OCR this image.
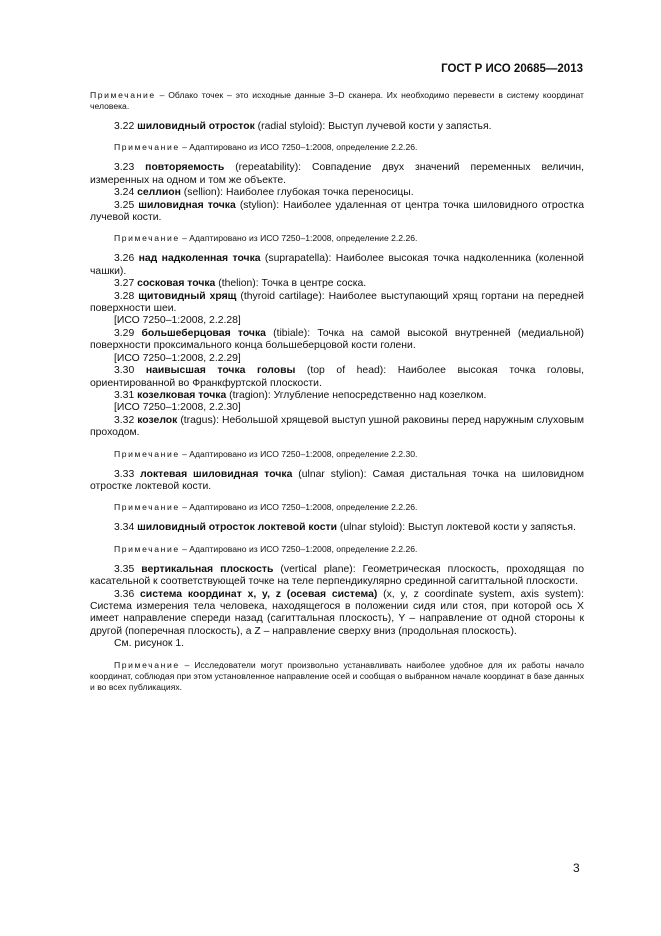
ГОСТ Р ИСО 20685—2013

Примечание – Облако точек – это исходные данные 3–D сканера. Их необходимо перевести в систему координат человека.

3.22 шиловидный отросток (radial styloid): Выступ лучевой кости у запястья.

Примечание – Адаптировано из ИСО 7250–1:2008, определение 2.2.26.

3.23 повторяемость (repeatability): Совпадение двух значений переменных величин, измеренных на одном и том же объекте.

3.24 селлион (sellion): Наиболее глубокая точка переносицы.

3.25 шиловидная точка (stylion): Наиболее удаленная от центра точка шиловидного отростка лучевой кости.

Примечание – Адаптировано из ИСО 7250–1:2008, определение 2.2.26.

3.26 над надколенная точка (suprapatella): Наиболее высокая точка надколенника (коленной чашки).

3.27 сосковая точка (thelion): Точка в центре соска.

3.28 щитовидный хрящ (thyroid cartilage): Наиболее выступающий хрящ гортани на передней поверхности шеи.

[ИСО 7250–1:2008, 2.2.28]

3.29 большеберцовая точка (tibiale): Точка на самой высокой внутренней (медиальной) поверхности проксимального конца большеберцовой кости голени.

[ИСО 7250–1:2008, 2.2.29]

3.30 наивысшая точка головы (top of head): Наиболее высокая точка головы, ориентированной во Франкфуртской плоскости.

3.31 козелковая точка (tragion): Углубление непосредственно над козелком.

[ИСО 7250–1:2008, 2.2.30]

3.32 козелок (tragus): Небольшой хрящевой выступ ушной раковины перед наружным слуховым проходом.

Примечание – Адаптировано из ИСО 7250–1:2008, определение 2.2.30.

3.33 локтевая шиловидная точка (ulnar stylion): Самая дистальная точка на шиловидном отростке локтевой кости.

Примечание – Адаптировано из ИСО 7250–1:2008, определение 2.2.26.

3.34 шиловидный отросток локтевой кости (ulnar styloid): Выступ локтевой кости у запястья.

Примечание – Адаптировано из ИСО 7250–1:2008, определение 2.2.26.

3.35 вертикальная плоскость (vertical plane): Геометрическая плоскость, проходящая по касательной к соответствующей точке на теле перпендикулярно срединной сагиттальной плоскости.

3.36 система координат x, y, z (осевая система) (x, y, z coordinate system, axis system): Система измерения тела человека, находящегося в положении сидя или стоя, при которой ось X имеет направление спереди назад (сагиттальная плоскость), Y – направление от одной стороны к другой (поперечная плоскость), а Z – направление сверху вниз (продольная плоскость).

См. рисунок 1.

Примечание – Исследователи могут произвольно устанавливать наиболее удобное для их работы начало координат, соблюдая при этом установленное направление осей и сообщая о выбранном начале координат в базе данных и во всех публикациях.

3
